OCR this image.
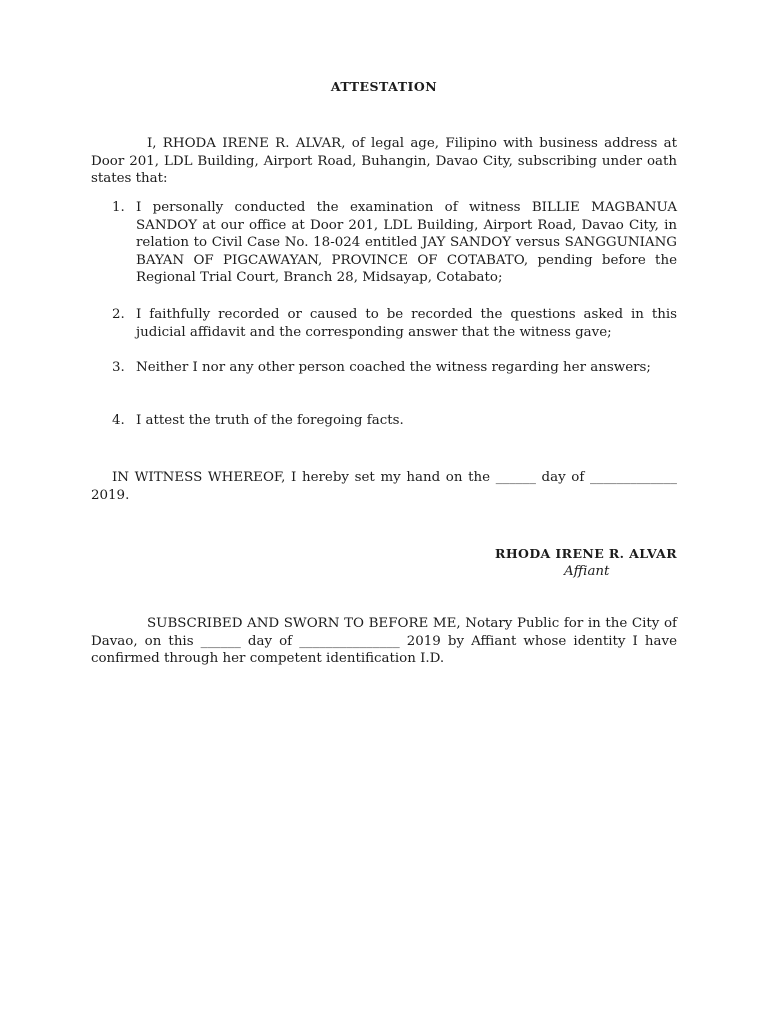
ATTESTATION
I, RHODA IRENE R. ALVAR, of legal age, Filipino with business address at Door 201, LDL Building, Airport Road, Buhangin, Davao City, subscribing under oath states that:
1. I personally conducted the examination of witness BILLIE MAGBANUA SANDOY at our office at Door 201, LDL Building, Airport Road, Davao City, in relation to Civil Case No. 18-024 entitled JAY SANDOY versus SANGGUNIANG BAYAN OF PIGCAWAYAN, PROVINCE OF COTABATO, pending before the Regional Trial Court, Branch 28, Midsayap, Cotabato;
2. I faithfully recorded or caused to be recorded the questions asked in this judicial affidavit and the corresponding answer that the witness gave;
3. Neither I nor any other person coached the witness regarding her answers;
4. I attest the truth of the foregoing facts.
IN WITNESS WHEREOF, I hereby set my hand on the ______ day of _____________ 2019.
RHODA IRENE R. ALVAR
Affiant
SUBSCRIBED AND SWORN TO BEFORE ME, Notary Public for in the City of Davao, on this ______ day of _______________ 2019 by Affiant whose identity I have confirmed through her competent identification I.D.
